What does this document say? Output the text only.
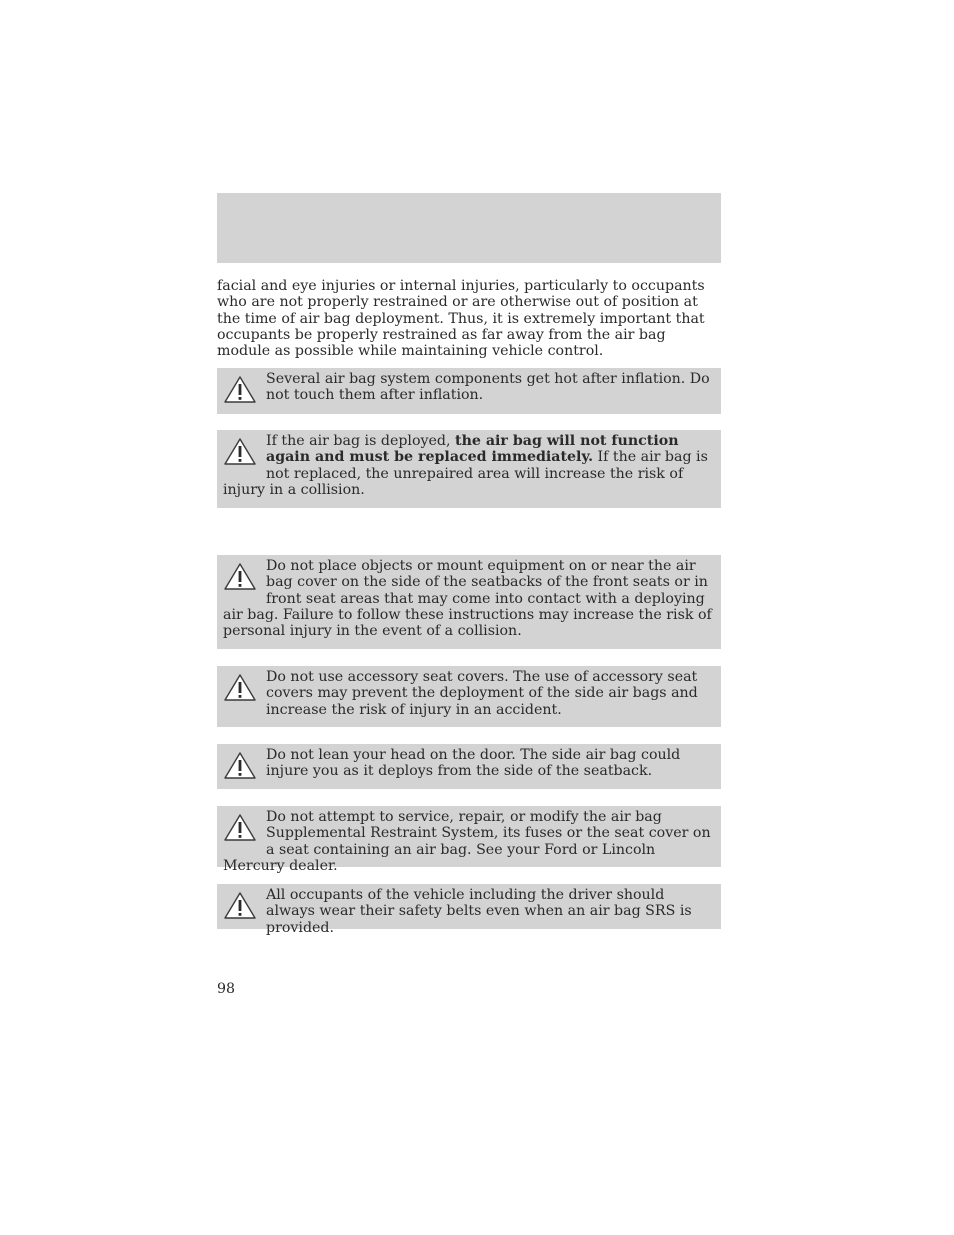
facial and eye injuries or internal injuries, particularly to occupants who are not properly restrained or are otherwise out of position at the time of air bag deployment. Thus, it is extremely important that occupants be properly restrained as far away from the air bag module as possible while maintaining vehicle control.

Several air bag system components get hot after inflation. Do not touch them after inflation.

If the air bag is deployed, the air bag will not function again and must be replaced immediately. If the air bag is not replaced, the unrepaired area will increase the risk of injury in a collision.

Do not place objects or mount equipment on or near the air bag cover on the side of the seatbacks of the front seats or in front seat areas that may come into contact with a deploying air bag. Failure to follow these instructions may increase the risk of personal injury in the event of a collision.

Do not use accessory seat covers. The use of accessory seat covers may prevent the deployment of the side air bags and increase the risk of injury in an accident.

Do not lean your head on the door. The side air bag could injure you as it deploys from the side of the seatback.

Do not attempt to service, repair, or modify the air bag Supplemental Restraint System, its fuses or the seat cover on a seat containing an air bag. See your Ford or Lincoln Mercury dealer.

All occupants of the vehicle including the driver should always wear their safety belts even when an air bag SRS is provided.

98
